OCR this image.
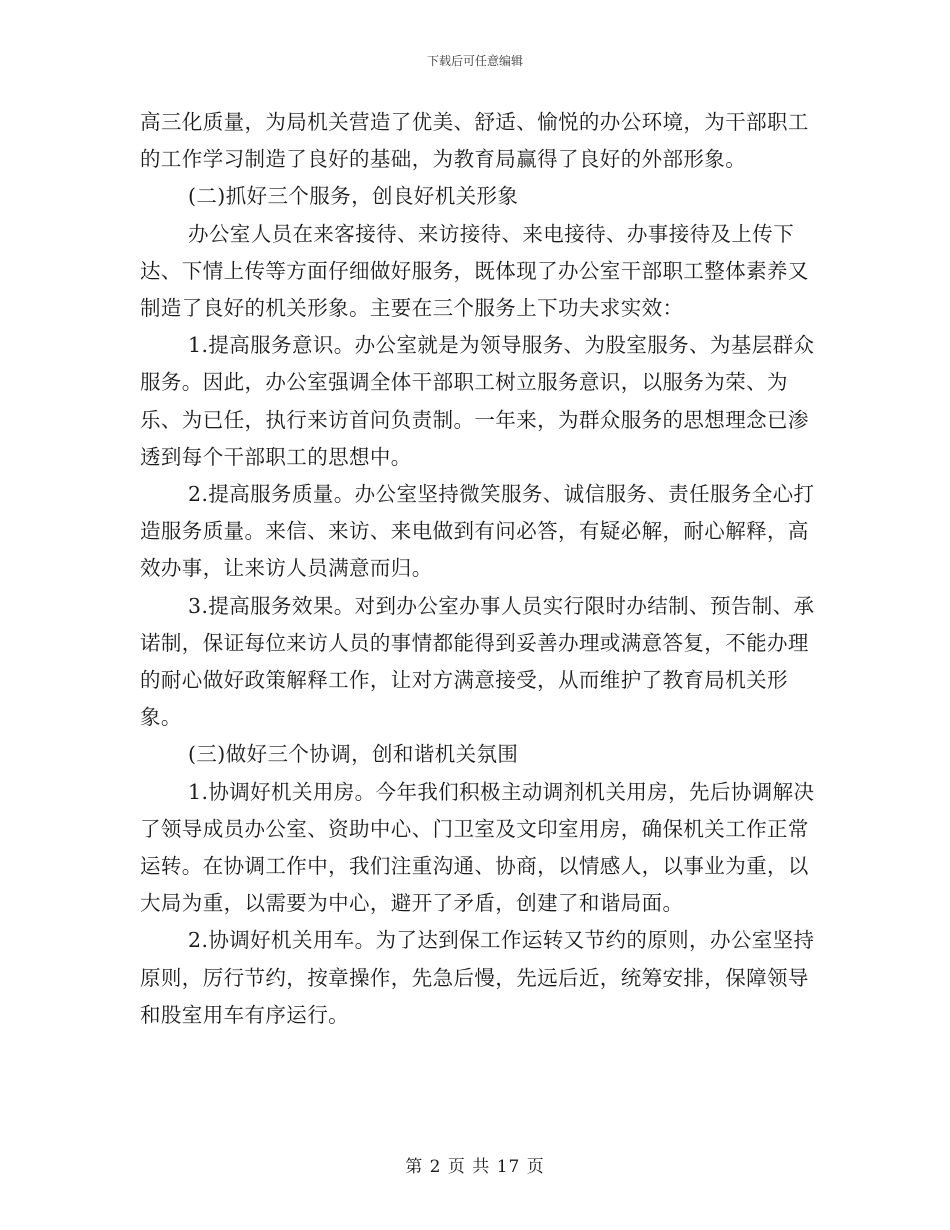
下载后可任意编辑

高三化质量，为局机关营造了优美、舒适、愉悦的办公环境，为干部职工的工作学习制造了良好的基础，为教育局赢得了良好的外部形象。

(二)抓好三个服务，创良好机关形象

办公室人员在来客接待、来访接待、来电接待、办事接待及上传下达、下情上传等方面仔细做好服务，既体现了办公室干部职工整体素养又制造了良好的机关形象。主要在三个服务上下功夫求实效：

1.提高服务意识。办公室就是为领导服务、为股室服务、为基层群众服务。因此，办公室强调全体干部职工树立服务意识，以服务为荣、为乐、为已任，执行来访首问负责制。一年来，为群众服务的思想理念已渗透到每个干部职工的思想中。

2.提高服务质量。办公室坚持微笑服务、诚信服务、责任服务全心打造服务质量。来信、来访、来电做到有问必答，有疑必解，耐心解释，高效办事，让来访人员满意而归。

3.提高服务效果。对到办公室办事人员实行限时办结制、预告制、承诺制，保证每位来访人员的事情都能得到妥善办理或满意答复，不能办理的耐心做好政策解释工作，让对方满意接受，从而维护了教育局机关形象。

(三)做好三个协调，创和谐机关氛围

1.协调好机关用房。今年我们积极主动调剂机关用房，先后协调解决了领导成员办公室、资助中心、门卫室及文印室用房，确保机关工作正常运转。在协调工作中，我们注重沟通、协商，以情感人，以事业为重，以大局为重，以需要为中心，避开了矛盾，创建了和谐局面。

2.协调好机关用车。为了达到保工作运转又节约的原则，办公室坚持原则，厉行节约，按章操作，先急后慢，先远后近，统筹安排，保障领导和股室用车有序运行。

第 2 页 共 17 页
